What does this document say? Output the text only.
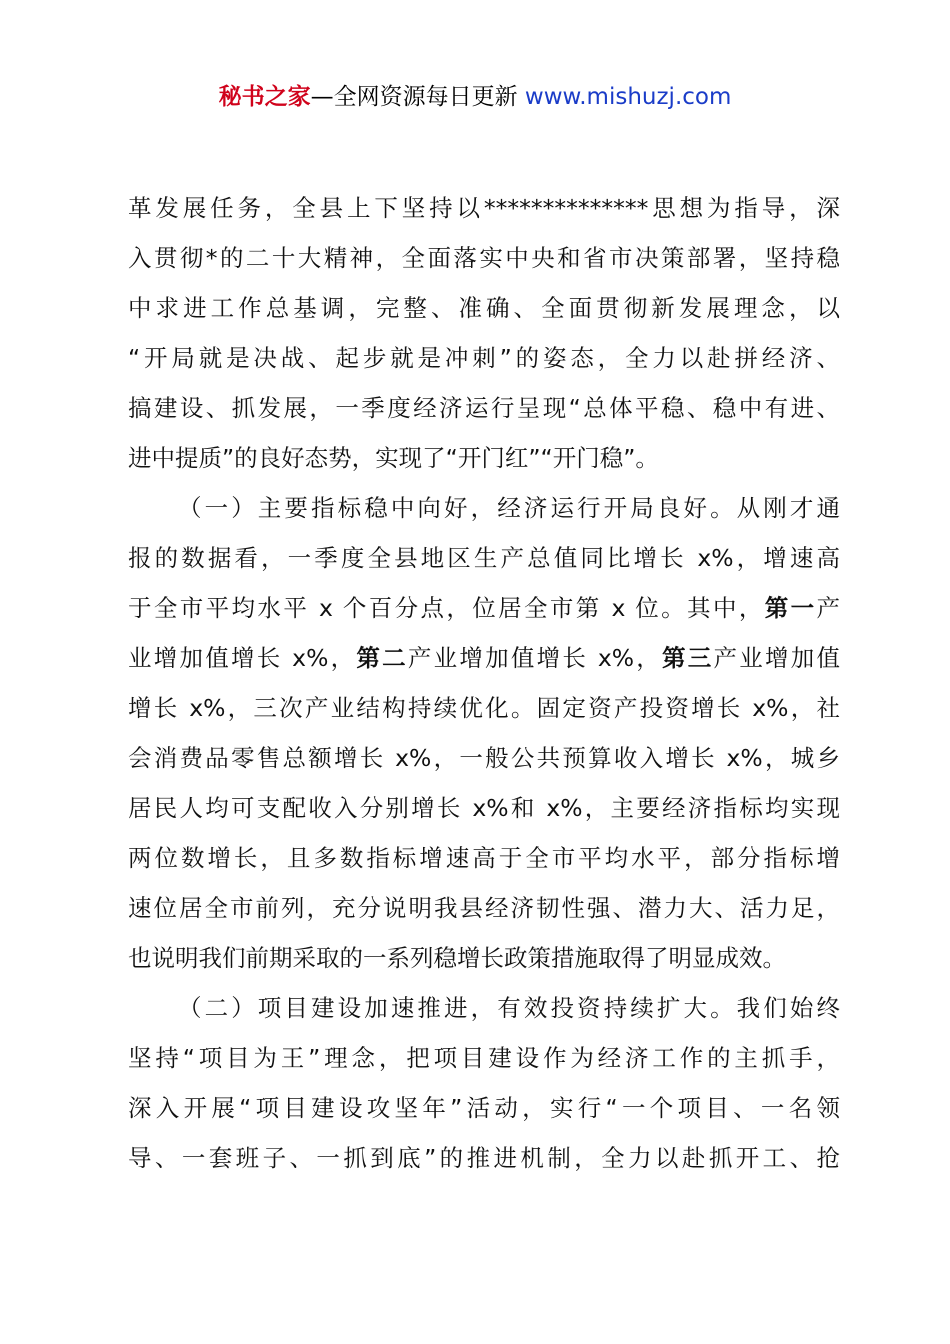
秘书之家—全网资源每日更新 www.mishuzj.com
革发展任务，全县上下坚持以**************思想为指导，深
入贯彻*的二十大精神，全面落实中央和省市决策部署，坚持稳
中求进工作总基调，完整、准确、全面贯彻新发展理念，以
“开局就是决战、起步就是冲刺”的姿态，全力以赴拼经济、
搞建设、抓发展，一季度经济运行呈现“总体平稳、稳中有进、
进中提质”的良好态势，实现了“开门红”“开门稳”。
（一）主要指标稳中向好，经济运行开局良好。从刚才通
报的数据看，一季度全县地区生产总值同比增长 x%，增速高
于全市平均水平 x 个百分点，位居全市第 x 位。其中，第一产
业增加值增长 x%，第二产业增加值增长 x%，第三产业增加值
增长 x%，三次产业结构持续优化。固定资产投资增长 x%，社
会消费品零售总额增长 x%，一般公共预算收入增长 x%，城乡
居民人均可支配收入分别增长 x%和 x%，主要经济指标均实现
两位数增长，且多数指标增速高于全市平均水平，部分指标增
速位居全市前列，充分说明我县经济韧性强、潜力大、活力足，
也说明我们前期采取的一系列稳增长政策措施取得了明显成效。
（二）项目建设加速推进，有效投资持续扩大。我们始终
坚持“项目为王”理念，把项目建设作为经济工作的主抓手，
深入开展“项目建设攻坚年”活动，实行“一个项目、一名领
导、一套班子、一抓到底”的推进机制，全力以赴抓开工、抢
